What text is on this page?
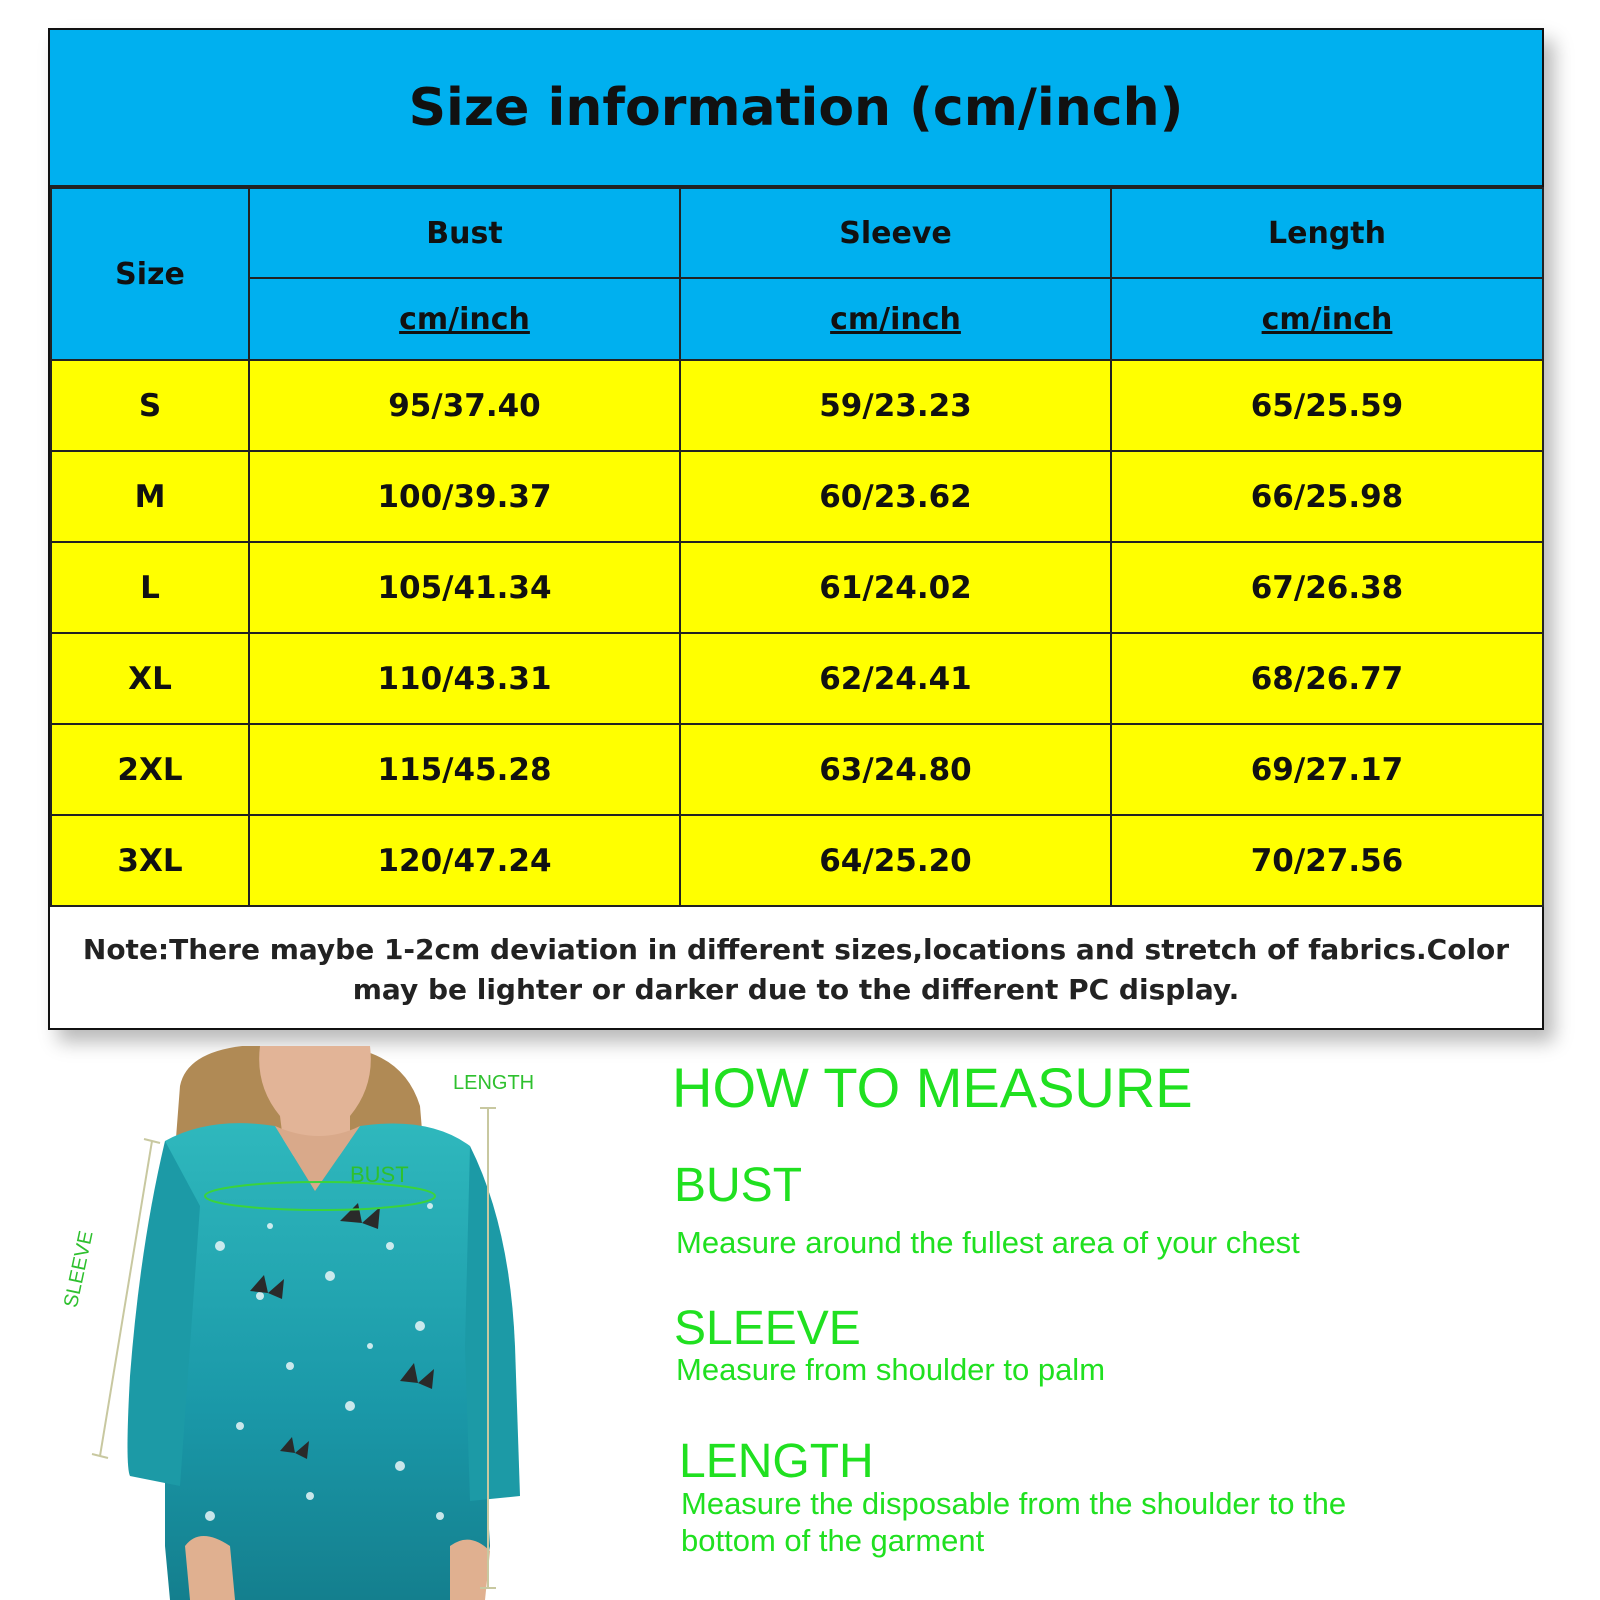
Size information (cm/inch)
Size	Bust	Sleeve	Length
	cm/inch	cm/inch	cm/inch
S	95/37.40	59/23.23	65/25.59
M	100/39.37	60/23.62	66/25.98
L	105/41.34	61/24.02	67/26.38
XL	110/43.31	62/24.41	68/26.77
2XL	115/45.28	63/24.80	69/27.17
3XL	120/47.24	64/25.20	70/27.56
Note:There maybe 1-2cm deviation in different sizes,locations and stretch of fabrics.Color may be lighter or darker due to the different PC display.
LENGTH
BUST
SLEEVE
HOW TO MEASURE
BUST
Measure around the fullest area of your chest
SLEEVE
Measure from shoulder to palm
LENGTH
Measure the disposable from the shoulder to the bottom of the garment
